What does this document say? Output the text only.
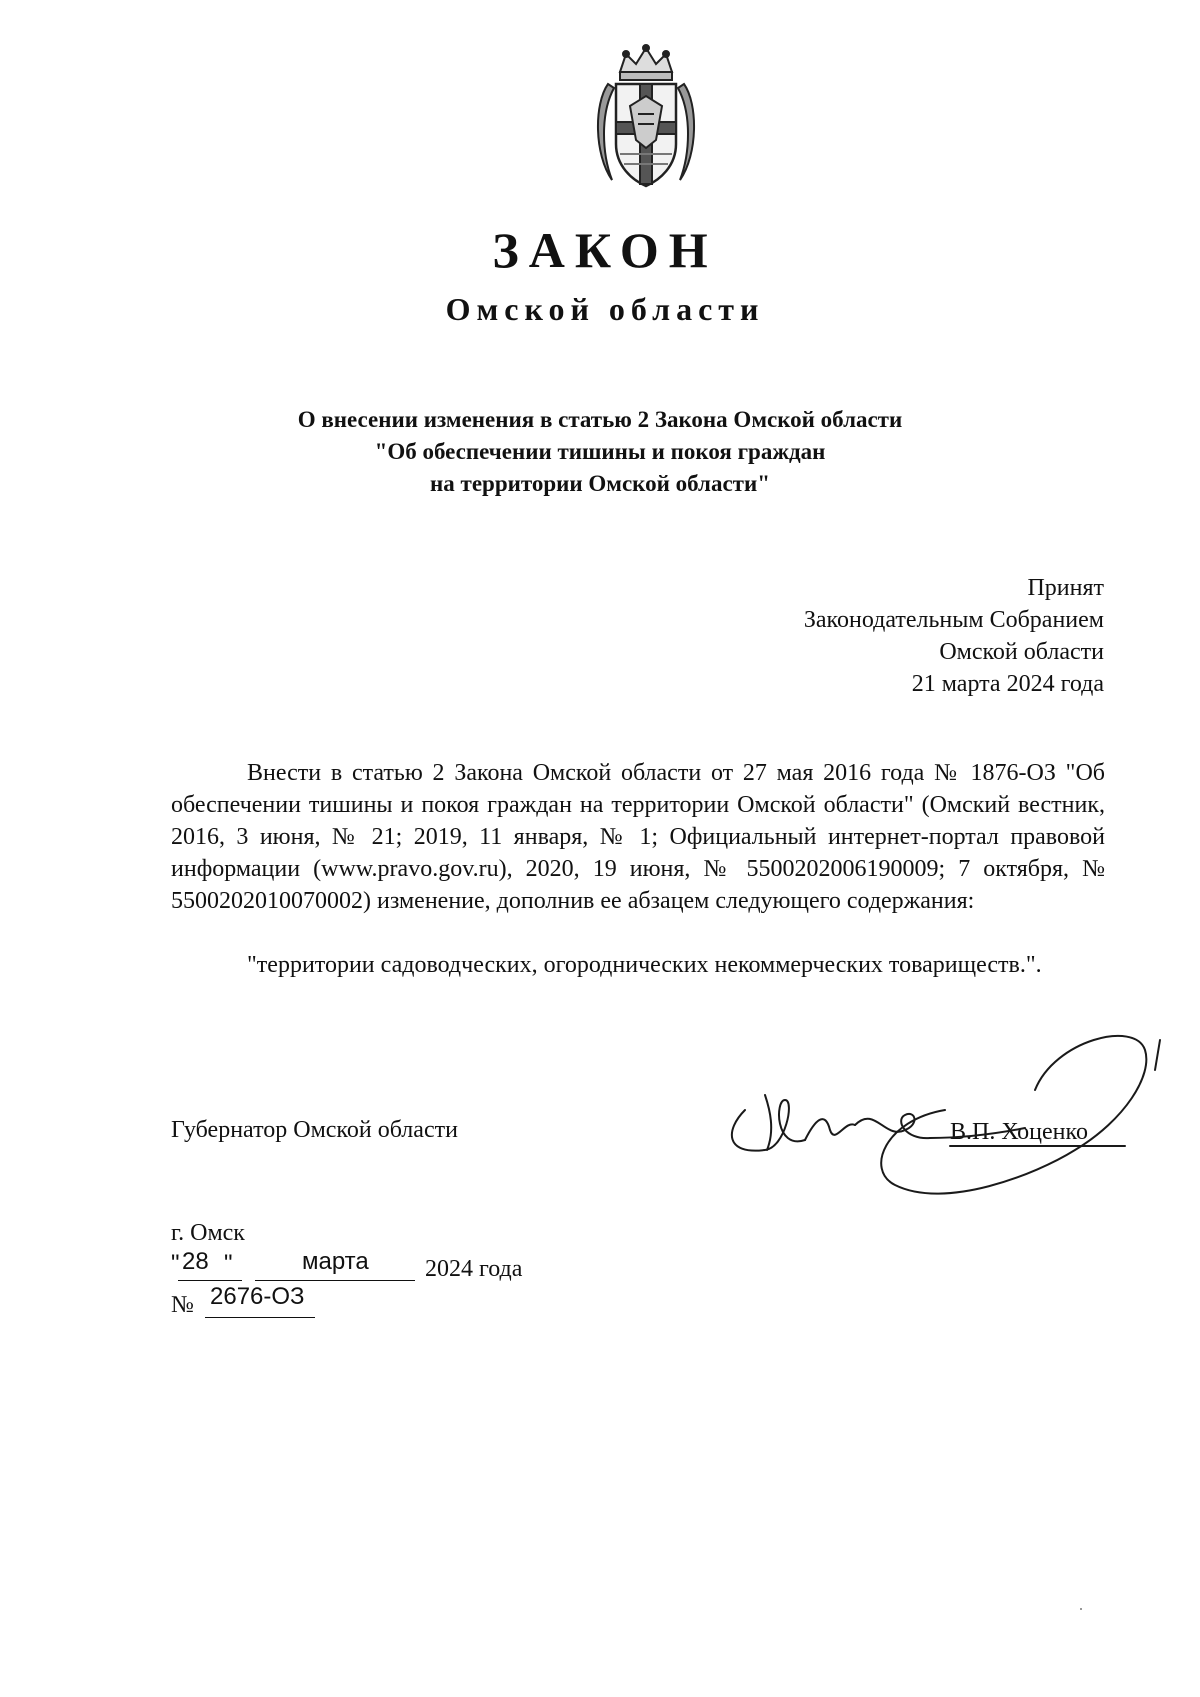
ЗАКОН
Омской области

О внесении изменения в статью 2 Закона Омской области

"Об обеспечении тишины и покоя граждан

на территории Омской области"

Принят

Законодательным Собранием

Омской области

21 марта 2024 года

Внести в статью 2 Закона Омской области от 27 мая 2016 года № 1876-ОЗ "Об обеспечении тишины и покоя граждан на территории Омской области" (Омский вестник, 2016, 3 июня, № 21; 2019, 11 января, № 1; Официальный интернет-портал правовой информации (www.pravo.gov.ru), 2020, 19 июня, № 5500202006190009; 7 октября, № 5500202010070002) изменение, дополнив ее абзацем следующего содержания:

"территории садоводческих, огороднических некоммерческих товариществ.".

Губернатор Омской области	В.П. Хоценко

г. Омск

" 28 "	марта 2024 года
№ 2676-ОЗ
